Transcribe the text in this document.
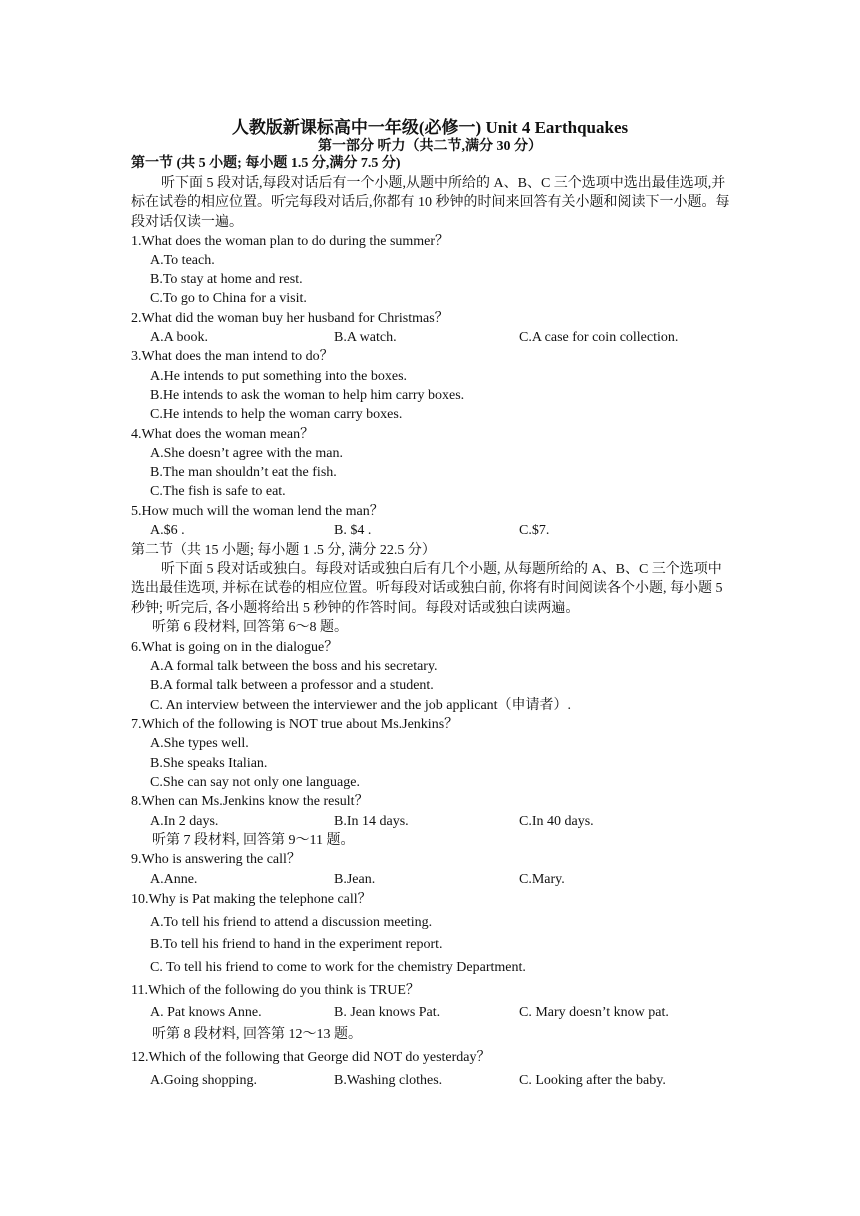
人教版新课标高中一年级(必修一) Unit 4 Earthquakes
第一部分 听力（共二节,满分 30 分）
第一节 (共 5 小题; 每小题 1.5 分,满分 7.5 分)
听下面 5 段对话,每段对话后有一个小题,从题中所给的 A、B、C 三个选项中选出最佳选项,并标在试卷的相应位置。听完每段对话后,你都有 10 秒钟的时间来回答有关小题和阅读下一小题。每段对话仅读一遍。
1.What does the woman plan to do during the summer？
A.To teach.
B.To stay at home and rest.
C.To go to China for a visit.
2.What did the woman buy her husband for Christmas？
A.A book.	B.A watch.	C.A case for coin collection.
3.What does the man intend to do？
A.He intends to put something into the boxes.
B.He intends to ask the woman to help him carry boxes.
C.He intends to help the woman carry boxes.
4.What does the woman mean？
A.She doesn’t agree with the man.
B.The man shouldn’t eat the fish.
C.The fish is safe to eat.
5.How much will the woman lend the man？
A.$6 .	B. $4 .	C.$7.
第二节（共 15 小题; 每小题 1 .5 分, 满分 22.5 分）
听下面 5 段对话或独白。每段对话或独白后有几个小题, 从每题所给的 A、B、C 三个选项中选出最佳选项, 并标在试卷的相应位置。听每段对话或独白前, 你将有时间阅读各个小题, 每小题 5 秒钟; 听完后, 各小题将给出 5 秒钟的作答时间。每段对话或独白读两遍。
听第 6 段材料, 回答第 6～8 题。
6.What is going on in the dialogue？
A.A formal talk between the boss and his secretary.
B.A formal talk between a professor and a student.
C. An interview between the interviewer and the job applicant（申请者）.
7.Which of the following is NOT true about Ms.Jenkins？
A.She types well.
B.She speaks Italian.
C.She can say not only one language.
8.When can Ms.Jenkins know the result？
A.In 2 days.	B.In 14 days.	C.In 40 days.
听第 7 段材料, 回答第 9～11 题。
9.Who is answering the call？
A.Anne.	B.Jean.	C.Mary.
10.Why is Pat making the telephone call？
A.To tell his friend to attend a discussion meeting.
B.To tell his friend to hand in the experiment report.
C. To tell his friend to come to work for the chemistry Department.
11.Which of the following do you think is TRUE？
A. Pat knows Anne.	B. Jean knows Pat.	C. Mary doesn’t know pat.
听第 8 段材料, 回答第 12～13 题。
12.Which of the following that George did NOT do yesterday？
A.Going shopping.	B.Washing clothes.	C. Looking after the baby.
